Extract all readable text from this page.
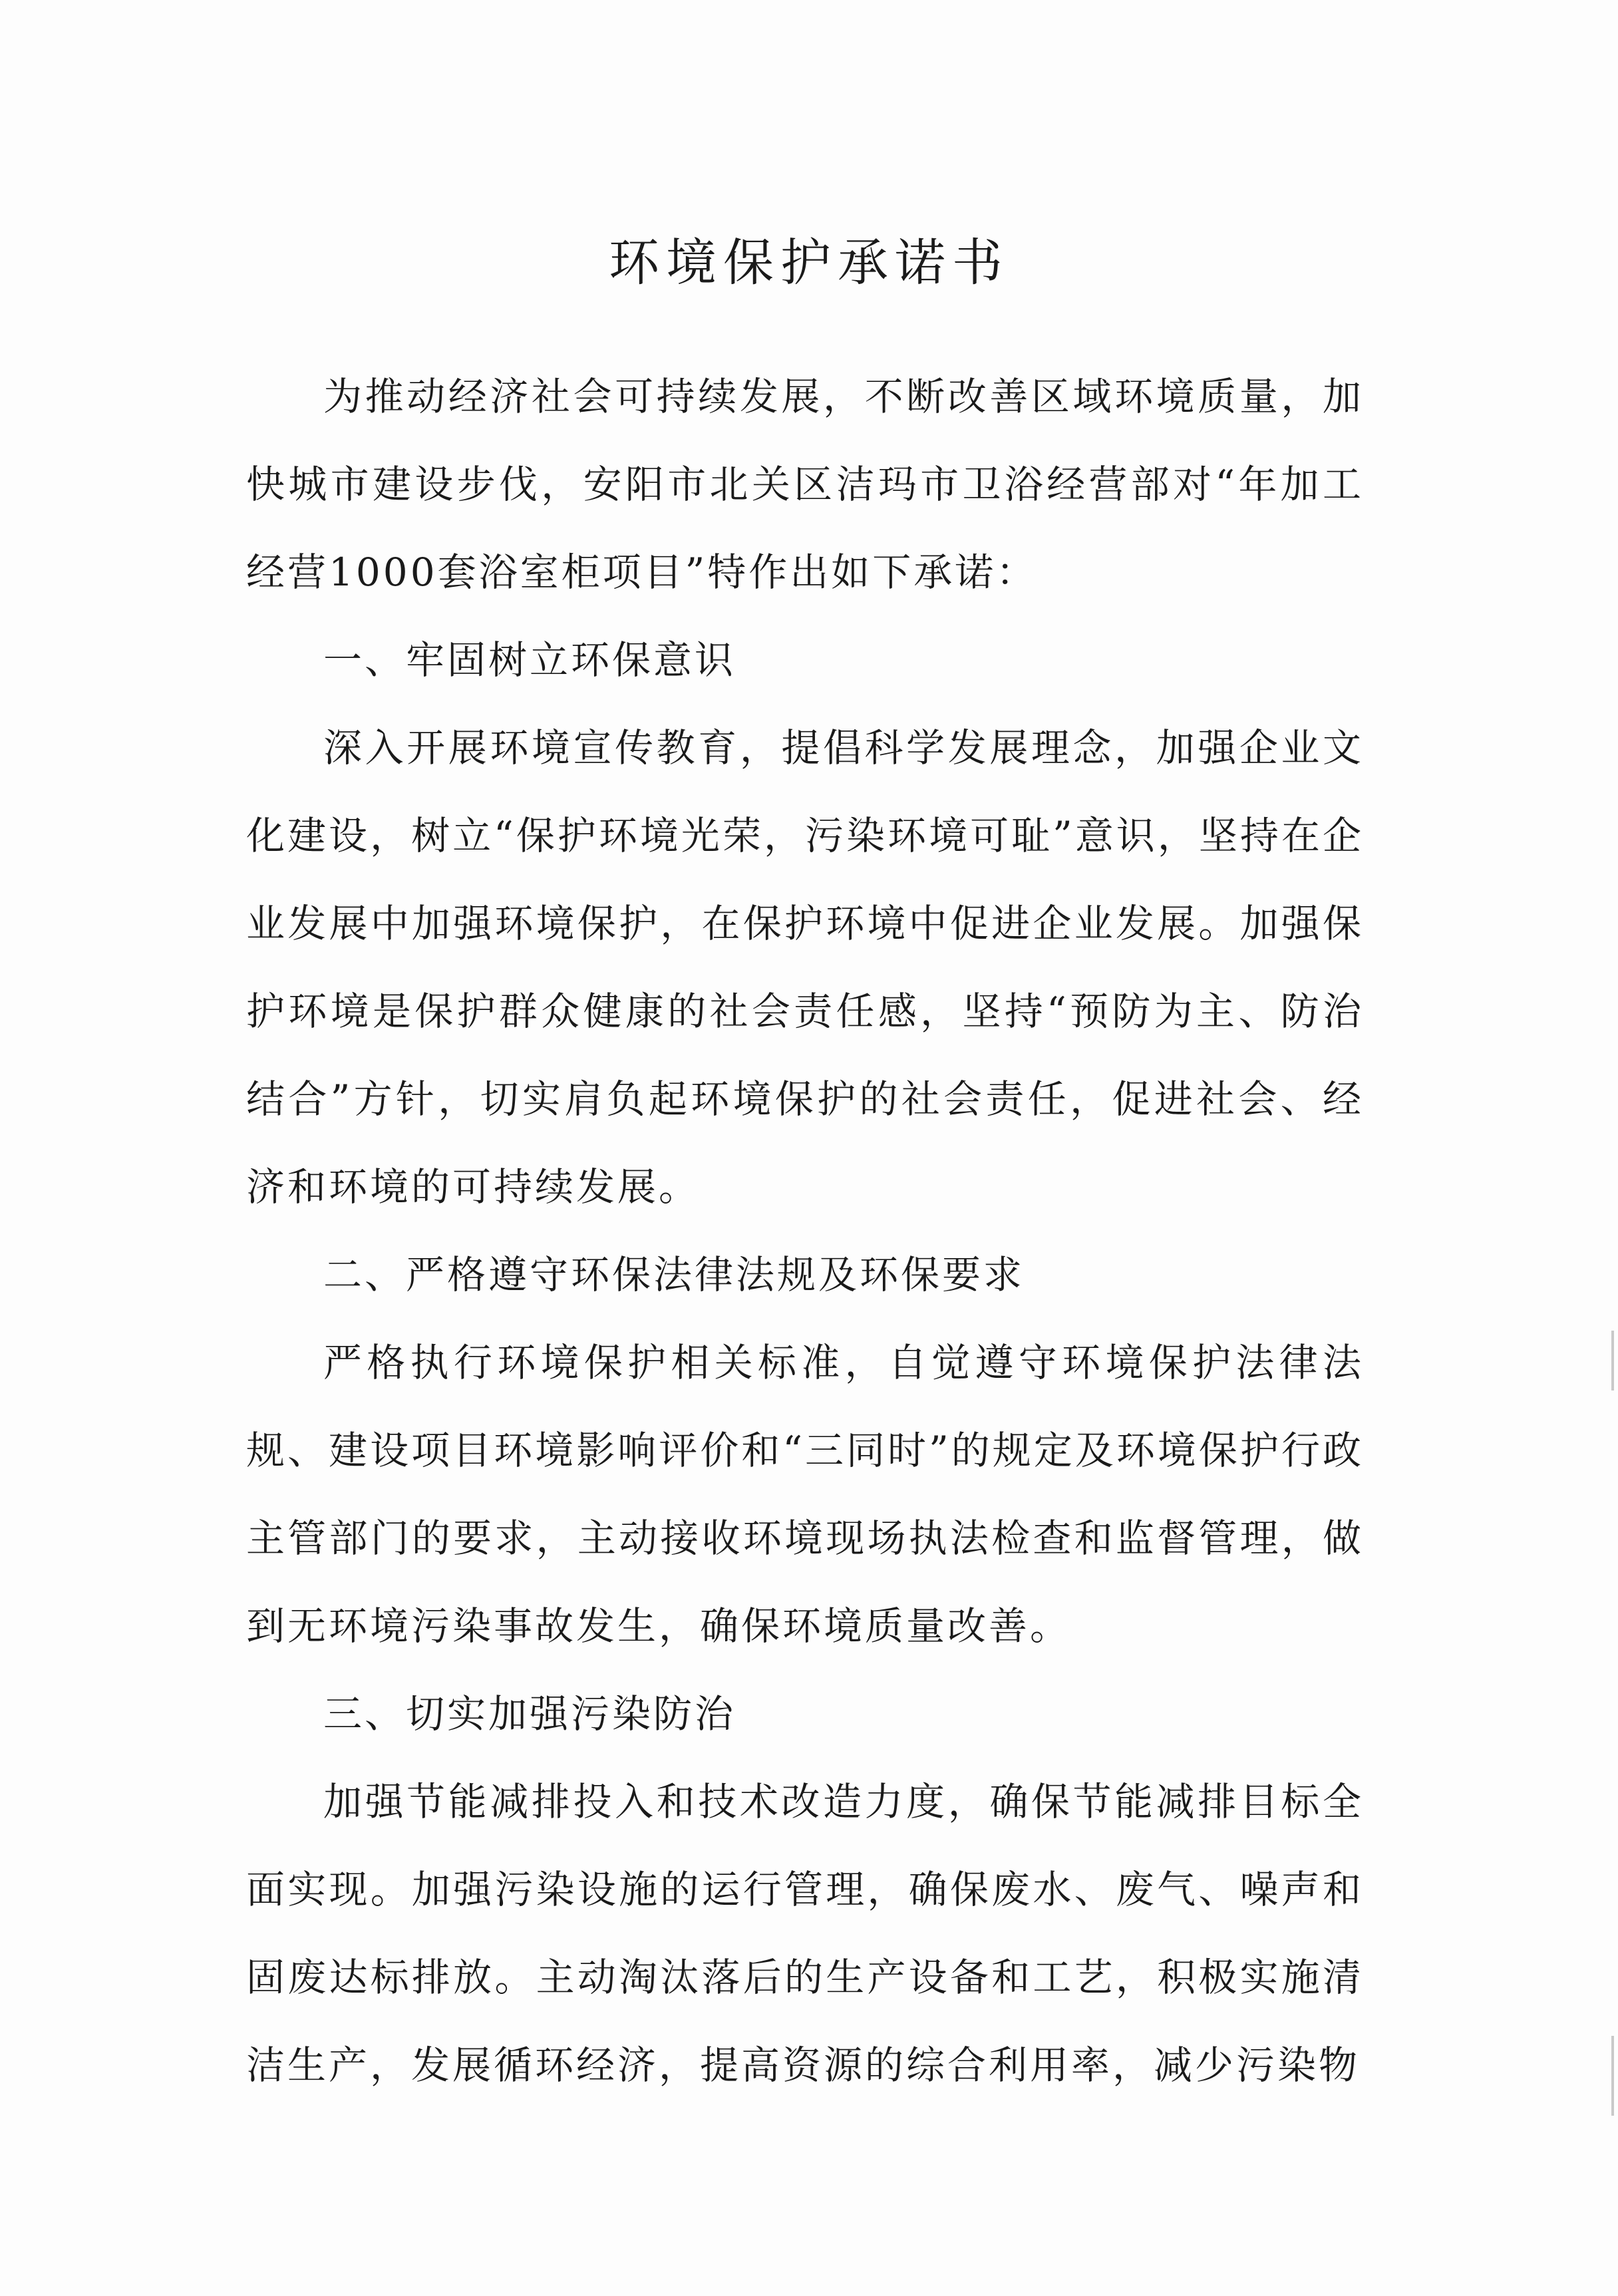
环境保护承诺书

为推动经济社会可持续发展，不断改善区域环境质量，加快城市建设步伐，安阳市北关区洁玛市卫浴经营部对“年加工经营1000套浴室柜项目”特作出如下承诺：

一、牢固树立环保意识

深入开展环境宣传教育，提倡科学发展理念，加强企业文化建设，树立“保护环境光荣，污染环境可耻”意识，坚持在企业发展中加强环境保护，在保护环境中促进企业发展。加强保护环境是保护群众健康的社会责任感，坚持“预防为主、防治结合”方针，切实肩负起环境保护的社会责任，促进社会、经济和环境的可持续发展。

二、严格遵守环保法律法规及环保要求

严格执行环境保护相关标准，自觉遵守环境保护法律法规、建设项目环境影响评价和“三同时”的规定及环境保护行政主管部门的要求，主动接收环境现场执法检查和监督管理，做到无环境污染事故发生，确保环境质量改善。

三、切实加强污染防治

加强节能减排投入和技术改造力度，确保节能减排目标全面实现。加强污染设施的运行管理，确保废水、废气、噪声和固废达标排放。主动淘汰落后的生产设备和工艺，积极实施清洁生产，发展循环经济，提高资源的综合利用率，减少污染物
